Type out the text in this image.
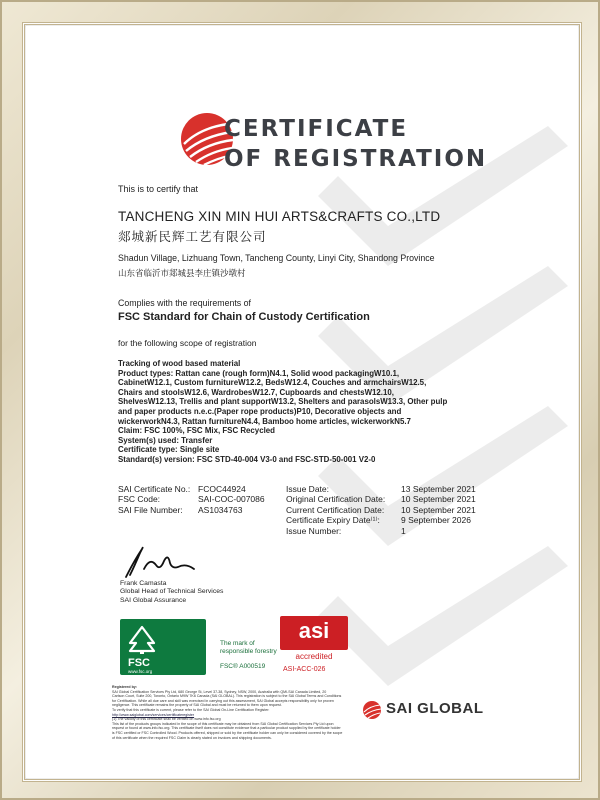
CERTIFICATE
OF REGISTRATION
This is to certify that
TANCHENG XIN MIN HUI ARTS&CRAFTS CO.,LTD
郯城新民辉工艺有限公司
Shadun Village, Lizhuang Town, Tancheng County, Linyi City, Shandong Province
山东省临沂市郯城县李庄镇沙墩村
Complies with the requirements of
FSC Standard for Chain of Custody Certification
for the following scope of registration
Tracking of wood based material
Product types: Rattan cane (rough form)N4.1, Solid wood packagingW10.1,
CabinetW12.1, Custom furnitureW12.2, BedsW12.4, Couches and armchairsW12.5,
Chairs and stoolsW12.6, WardrobesW12.7, Cupboards and chestsW12.10,
ShelvesW12.13, Trellis and plant supportW13.2, Shelters and parasolsW13.3, Other pulp
and paper products n.e.c.(Paper rope products)P10, Decorative objects and
wickerworkN4.3, Rattan furnitureN4.4, Bamboo home articles, wickerworkN5.7
Claim: FSC 100%, FSC Mix, FSC Recycled
System(s) used: Transfer
Certificate type: Single site
Standard(s) version: FSC STD-40-004 V3-0 and FSC-STD-50-001 V2-0
SAI Certificate No.:
FSC Code:
SAI File Number:
FCOC44924
SAI-COC-007086
AS1034763
Issue Date:
Original Certification Date:
Current Certification Date:
Certificate Expiry Date⁽¹⁾:
Issue Number:
13 September 2021
10 September 2021
10 September 2021
9 September 2026
1
Frank Camasta
Global Head of Technical Services
SAI Global Assurance
FSC
www.fsc.org
The mark of
responsible forestry
FSC® A000519
asi
accredited
ASI-ACC-026
Registered by:
SAI Global Certification Services Pty Ltd, 680 George St, Level 37-38, Sydney, NSW, 2000, Australia with QMI-SAI Canada Limited, 20
Carlson Court, Suite 200, Toronto, Ontario M9W 7K6 Canada (SAI GLOBAL). This registration is subject to the SAI Global Terms and Conditions
for Certification. While all due care and skill was exercised in carrying out this assessment, SAI Global accepts responsibility only for proven
negligence. This certificate remains the property of SAI Global and must be returned to them upon request.
To verify that this certificate is current, please refer to the SAI Global On-Line Certification Register:
http://www.saiglobal.com/services/certificateregister
(1) The validity of this certificate shall be verified on www.info.fsc.org
This list of the products groups indicated in the scope of this certificate may be obtained from SAI Global Certification Services Pty Ltd upon
request or found at www.info.fsc.org. This certificate itself does not constitute evidence that a particular product supplied by the certificate holder
is FSC certified or FSC Controlled Wood. Products offered, shipped or sold by the certificate holder can only be considered covered by the scope
of this certificate when the required FSC Claim is clearly stated on invoices and shipping documents.
SAI GLOBAL
